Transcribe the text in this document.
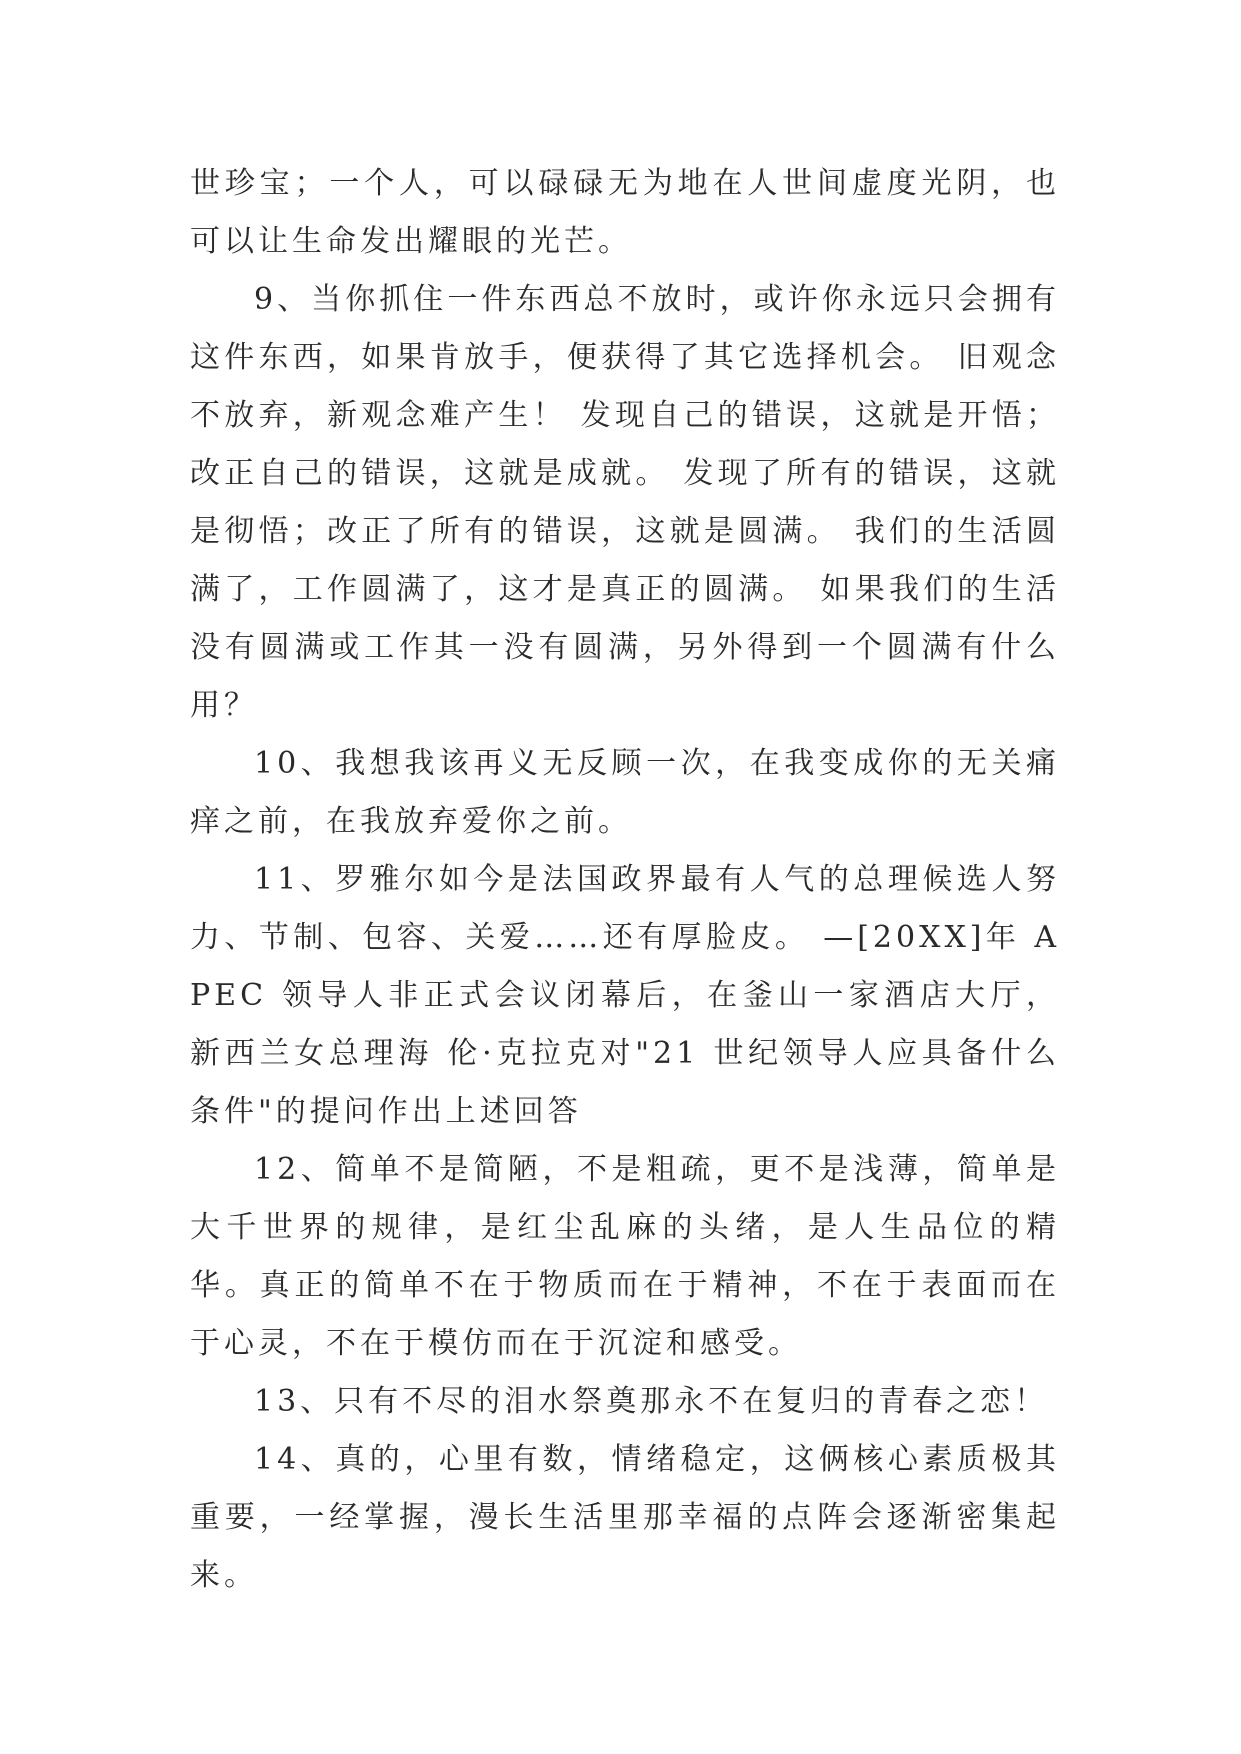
世珍宝；一个人，可以碌碌无为地在人世间虚度光阴，也可以让生命发出耀眼的光芒。

9、当你抓住一件东西总不放时，或许你永远只会拥有这件东西，如果肯放手，便获得了其它选择机会。 旧观念不放弃，新观念难产生！ 发现自己的错误，这就是开悟；改正自己的错误，这就是成就。 发现了所有的错误，这就是彻悟；改正了所有的错误，这就是圆满。 我们的生活圆满了，工作圆满了，这才是真正的圆满。 如果我们的生活没有圆满或工作其一没有圆满，另外得到一个圆满有什么用？

10、我想我该再义无反顾一次，在我变成你的无关痛痒之前，在我放弃爱你之前。

11、罗雅尔如今是法国政界最有人气的总理候选人努力、节制、包容、关爱……还有厚脸皮。 —[20XX]年 APEC 领导人非正式会议闭幕后，在釜山一家酒店大厅，新西兰女总理海 伦·克拉克对"21 世纪领导人应具备什么条件"的提问作出上述回答

12、简单不是简陋，不是粗疏，更不是浅薄，简单是大千世界的规律，是红尘乱麻的头绪，是人生品位的精华。真正的简单不在于物质而在于精神，不在于表面而在于心灵，不在于模仿而在于沉淀和感受。

13、只有不尽的泪水祭奠那永不在复归的青春之恋！

14、真的，心里有数，情绪稳定，这俩核心素质极其重要，一经掌握，漫长生活里那幸福的点阵会逐渐密集起来。
